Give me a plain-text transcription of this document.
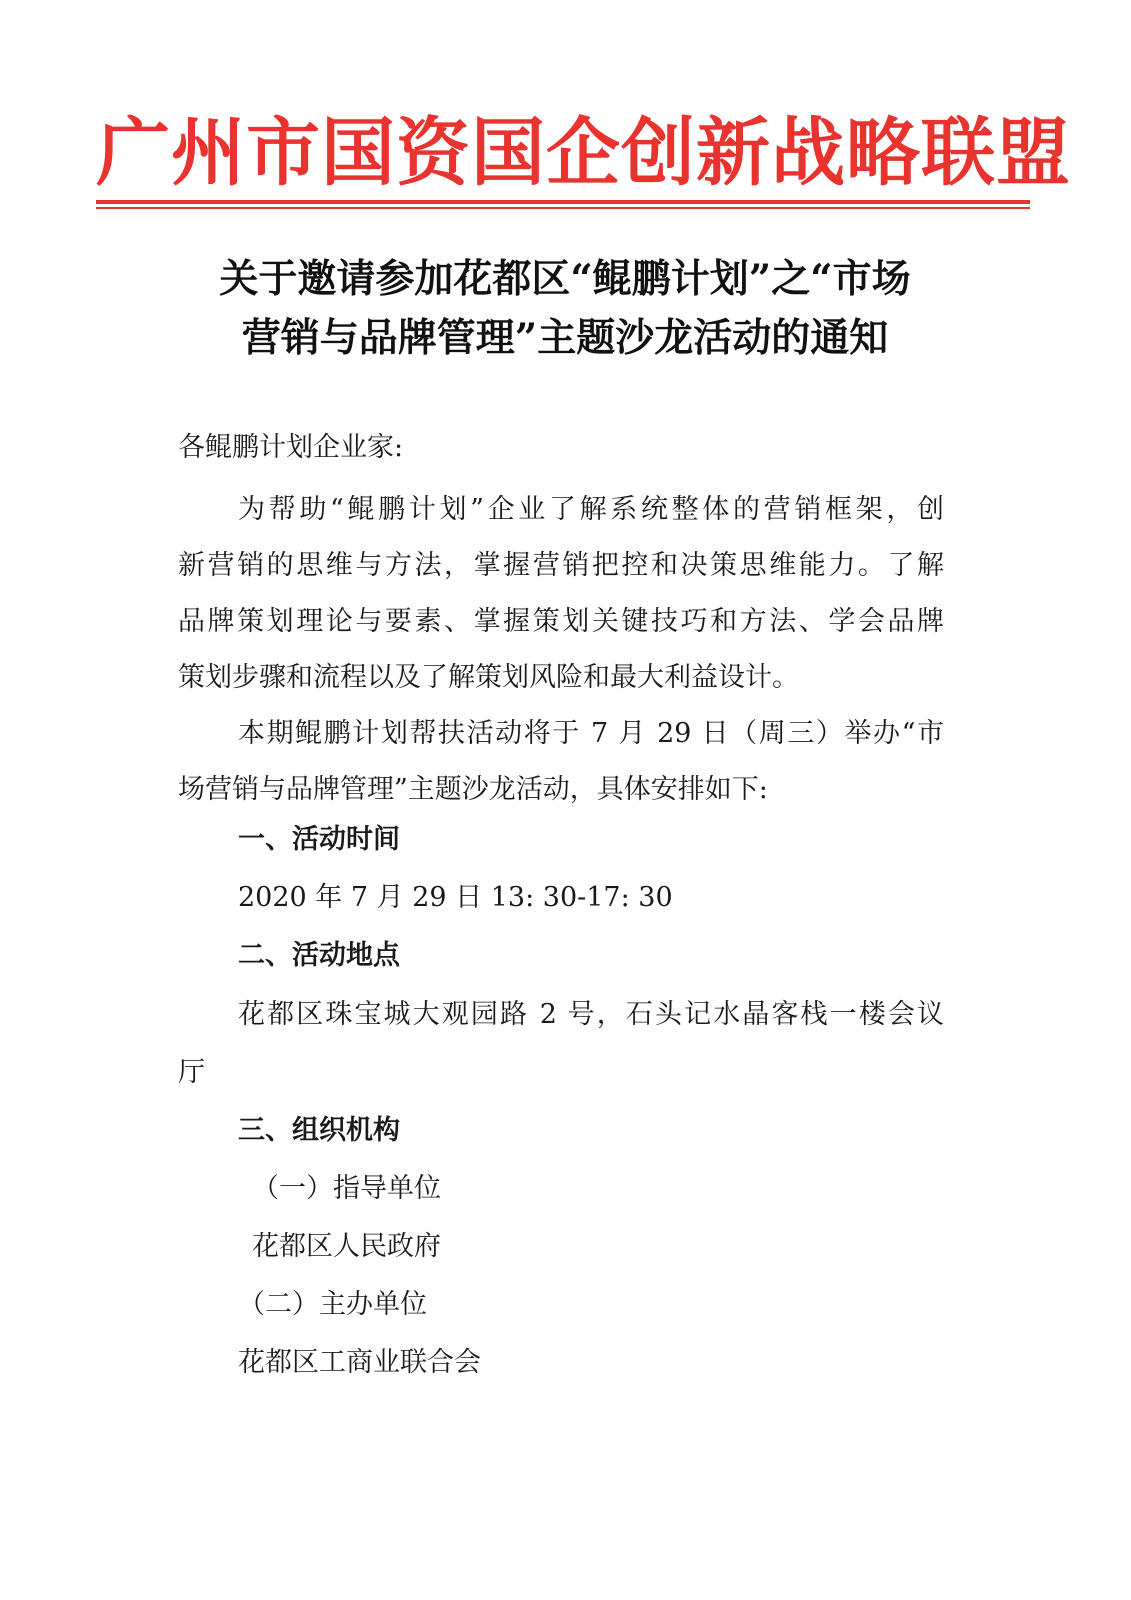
广州市国资国企创新战略联盟
关于邀请参加花都区“鲲鹏计划”之“市场
营销与品牌管理”主题沙龙活动的通知
各鲲鹏计划企业家:
为帮助“鲲鹏计划”企业了解系统整体的营销框架，创
新营销的思维与方法，掌握营销把控和决策思维能力。了解
品牌策划理论与要素、掌握策划关键技巧和方法、学会品牌
策划步骤和流程以及了解策划风险和最大利益设计。
本期鲲鹏计划帮扶活动将于 7 月 29 日（周三）举办“市
场营销与品牌管理”主题沙龙活动，具体安排如下:
一、活动时间
2020 年 7 月 29 日 13: 30-17: 30
二、活动地点
花都区珠宝城大观园路 2 号，石头记水晶客栈一楼会议
厅
三、组织机构
（一）指导单位
花都区人民政府
（二）主办单位
花都区工商业联合会
